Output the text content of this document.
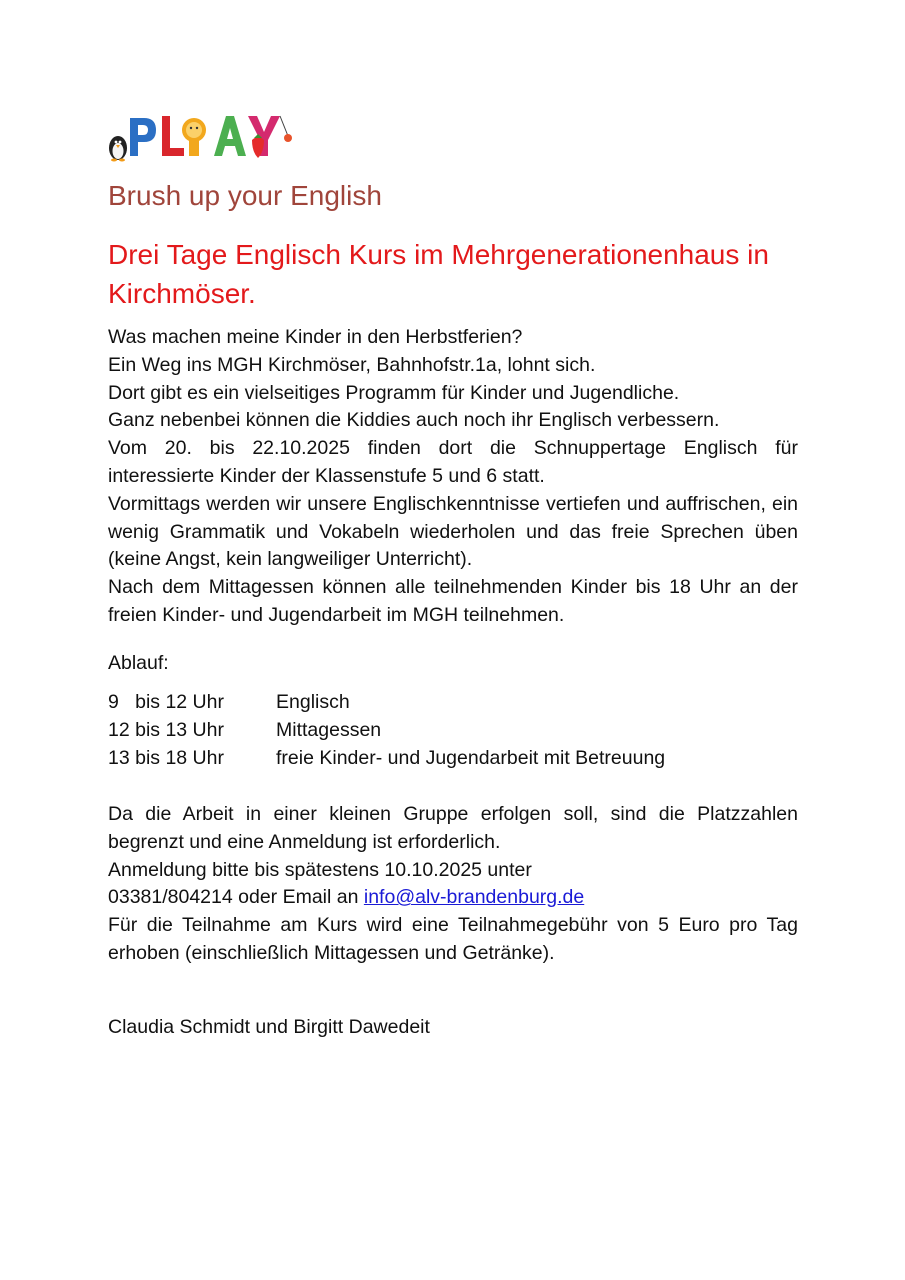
Brush up your English
Drei Tage Englisch Kurs im Mehrgenerationenhaus in Kirchmöser.
Was machen meine Kinder in den Herbstferien?
Ein Weg ins MGH Kirchmöser, Bahnhofstr.1a, lohnt sich.
Dort gibt es ein vielseitiges Programm für Kinder und Jugendliche.
Ganz nebenbei können die Kiddies auch noch ihr Englisch verbessern.
Vom 20. bis 22.10.2025 finden dort die Schnuppertage Englisch für interessierte Kinder der Klassenstufe 5 und 6 statt.
Vormittags werden wir unsere Englischkenntnisse vertiefen und auffrischen, ein wenig Grammatik und Vokabeln wiederholen und das freie Sprechen üben (keine Angst, kein langweiliger Unterricht).
Nach dem Mittagessen können alle teilnehmenden Kinder bis 18 Uhr an der freien Kinder- und Jugendarbeit im MGH teilnehmen.

Ablauf:

9   bis 12 Uhr	Englisch
12 bis 13 Uhr	Mittagessen
13 bis 18 Uhr	freie Kinder- und Jugendarbeit mit Betreuung
Da die Arbeit in einer kleinen Gruppe erfolgen soll, sind die Platzzahlen begrenzt und eine Anmeldung ist erforderlich.
Anmeldung bitte bis spätestens 10.10.2025 unter
03381/804214 oder Email an info@alv-brandenburg.de
Für die Teilnahme am Kurs wird eine Teilnahmegebühr von 5 Euro pro Tag erhoben (einschließlich Mittagessen und Getränke).

Claudia Schmidt und Birgitt Dawedeit
